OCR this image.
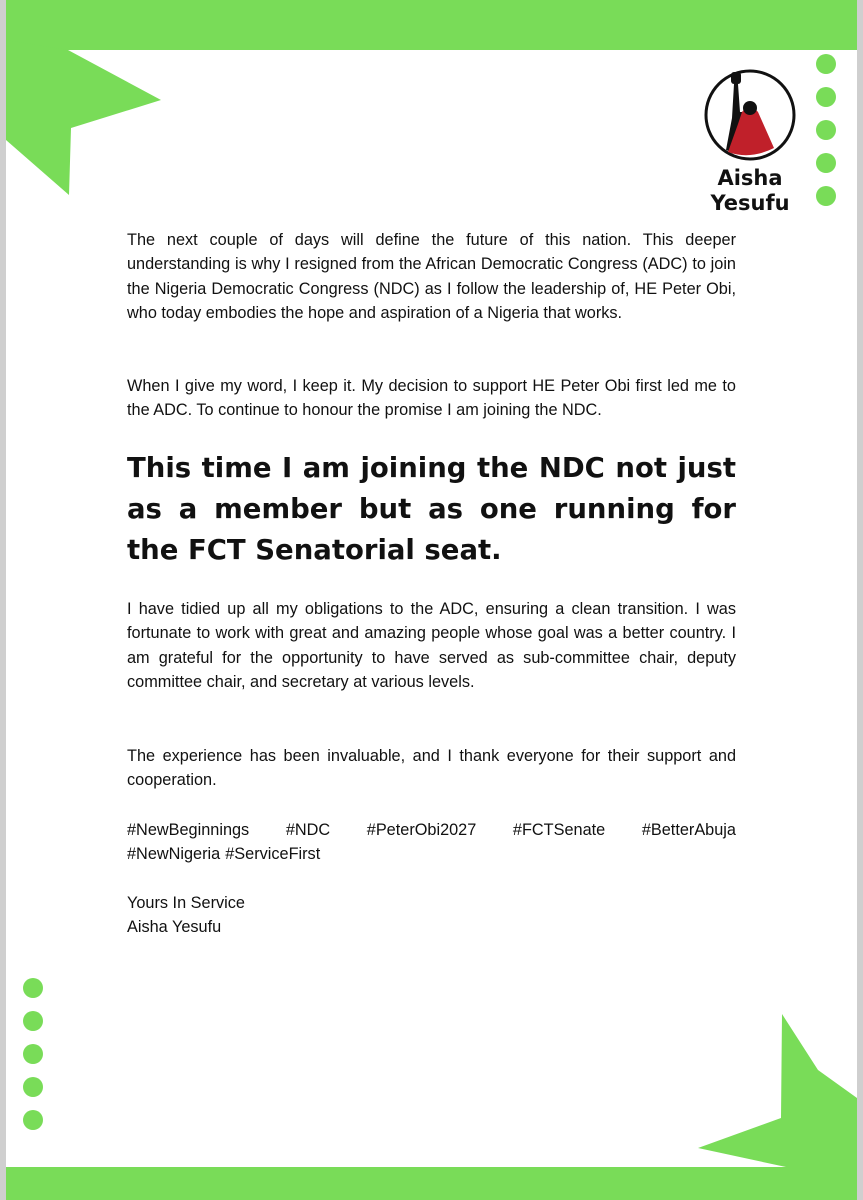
Aisha
Yesufu

The next couple of days will define the future of this nation. This deeper understanding is why I resigned from the African Democratic Congress (ADC) to join the Nigeria Democratic Congress (NDC) as I follow the leadership of, HE Peter Obi, who today embodies the hope and aspiration of a Nigeria that works.

When I give my word, I keep it. My decision to support HE Peter Obi first led me to the ADC. To continue to honour the promise I am joining the NDC.

This time I am joining the NDC not just as a member but as one running for the FCT Senatorial seat.

I have tidied up all my obligations to the ADC, ensuring a clean transition. I was fortunate to work with great and amazing people whose goal was a better country. I am grateful for the opportunity to have served as sub-committee chair, deputy committee chair, and secretary at various levels.

The experience has been invaluable, and I thank everyone for their support and cooperation.

#NewBeginnings #NDC #PeterObi2027 #FCTSenate #BetterAbuja
#NewNigeria #ServiceFirst
Yours In Service
Aisha Yesufu
